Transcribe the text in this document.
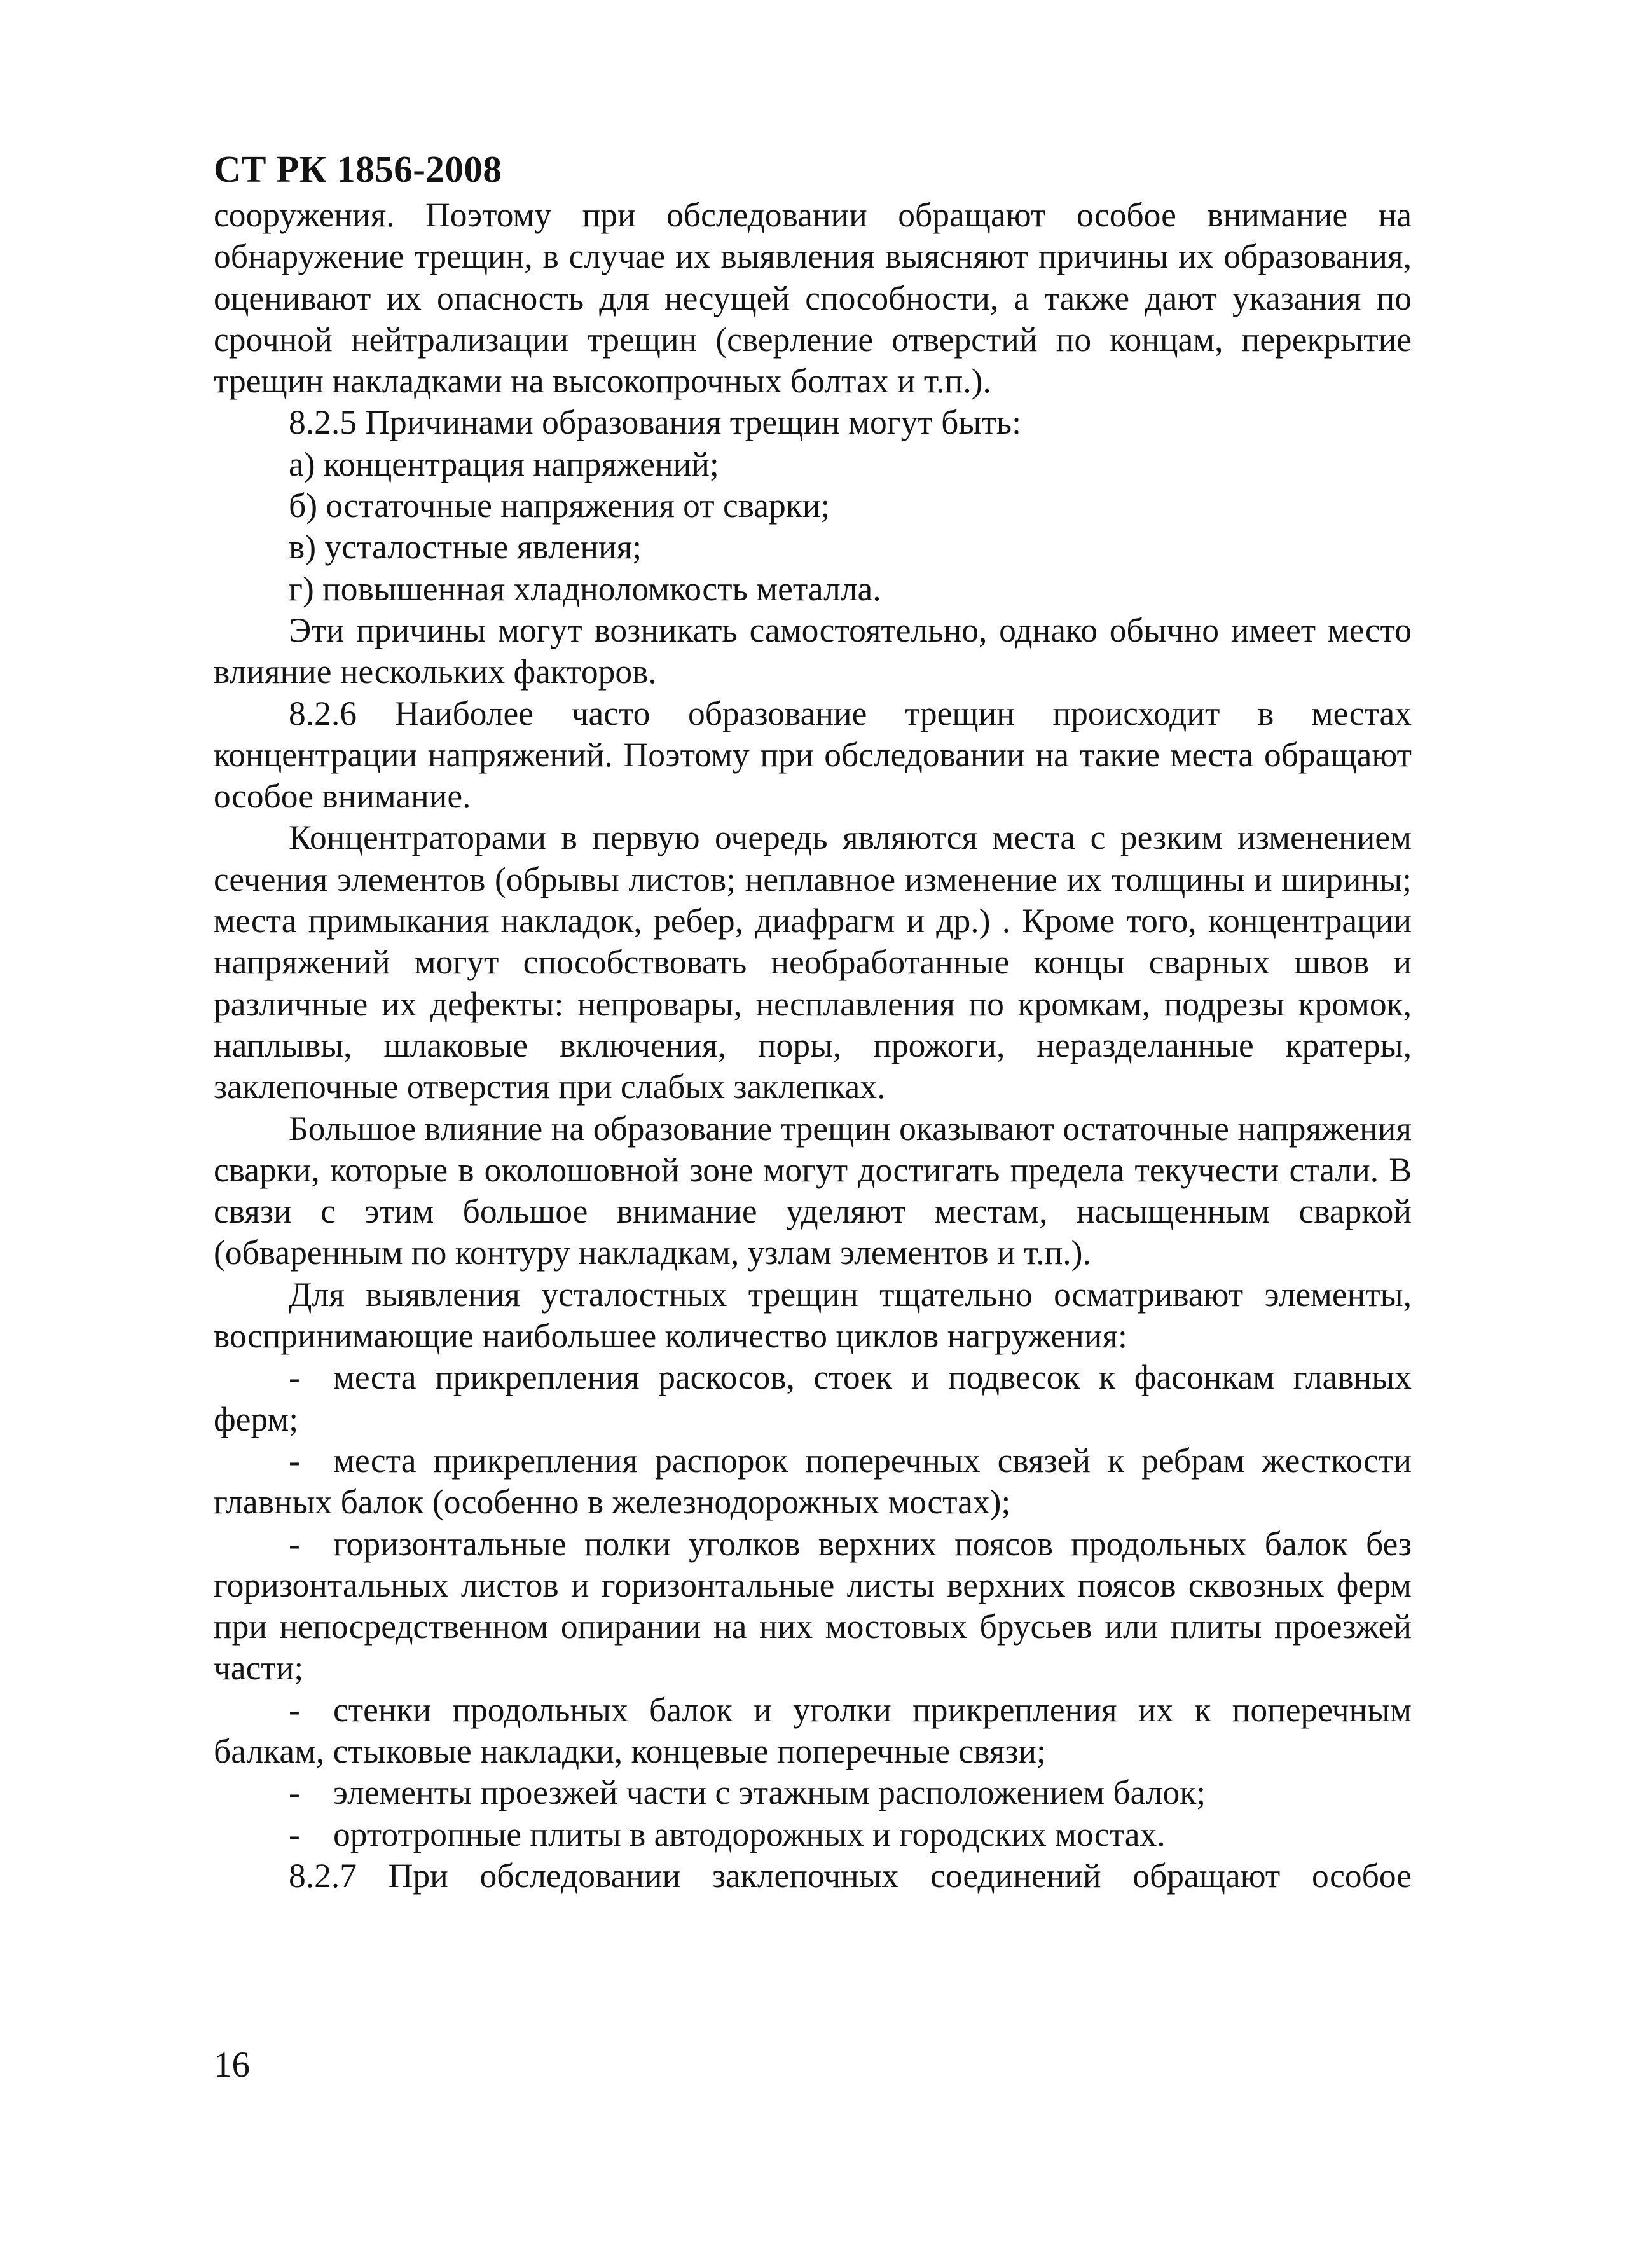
СТ РК 1856-2008

сооружения. Поэтому при обследовании обращают особое внимание на обнаружение трещин, в случае их выявления выясняют причины их образования, оценивают их опасность для несущей способности, а также дают указания по срочной нейтрализации трещин (сверление отверстий по концам, перекрытие трещин накладками на высокопрочных болтах и т.п.).

8.2.5 Причинами образования трещин могут быть:

а) концентрация напряжений;

б) остаточные напряжения от сварки;

в) усталостные явления;

г) повышенная хладноломкость металла.

Эти причины могут возникать самостоятельно, однако обычно имеет место влияние нескольких факторов.

8.2.6 Наиболее часто образование трещин происходит в местах концентрации напряжений. Поэтому при обследовании на такие места обращают особое внимание.

Концентраторами в первую очередь являются места с резким изменением сечения элементов (обрывы листов; неплавное изменение их толщины и ширины; места примыкания накладок, ребер, диафрагм и др.) . Кроме того, концентрации напряжений могут способствовать необработанные концы сварных швов и различные их дефекты: непровары, несплавления по кромкам, подрезы кромок, наплывы, шлаковые включения, поры, прожоги, неразделанные кратеры, заклепочные отверстия при слабых заклепках.

Большое влияние на образование трещин оказывают остаточные напряжения сварки, которые в околошовной зоне могут достигать предела текучести стали. В связи с этим большое внимание уделяют местам, насыщенным сваркой (обваренным по контуру накладкам, узлам элементов и т.п.).

Для выявления усталостных трещин тщательно осматривают элементы, воспринимающие наибольшее количество циклов нагружения:

- места прикрепления раскосов, стоек и подвесок к фасонкам главных ферм;

- места прикрепления распорок поперечных связей к ребрам жесткости главных балок (особенно в железнодорожных мостах);

- горизонтальные полки уголков верхних поясов продольных балок без горизонтальных листов и горизонтальные листы верхних поясов сквозных ферм при непосредственном опирании на них мостовых брусьев или плиты проезжей части;

- стенки продольных балок и уголки прикрепления их к поперечным балкам, стыковые накладки, концевые поперечные связи;

- элементы проезжей части с этажным расположением балок;

- ортотропные плиты в автодорожных и городских мостах.

8.2.7 При обследовании заклепочных соединений обращают особое

16
